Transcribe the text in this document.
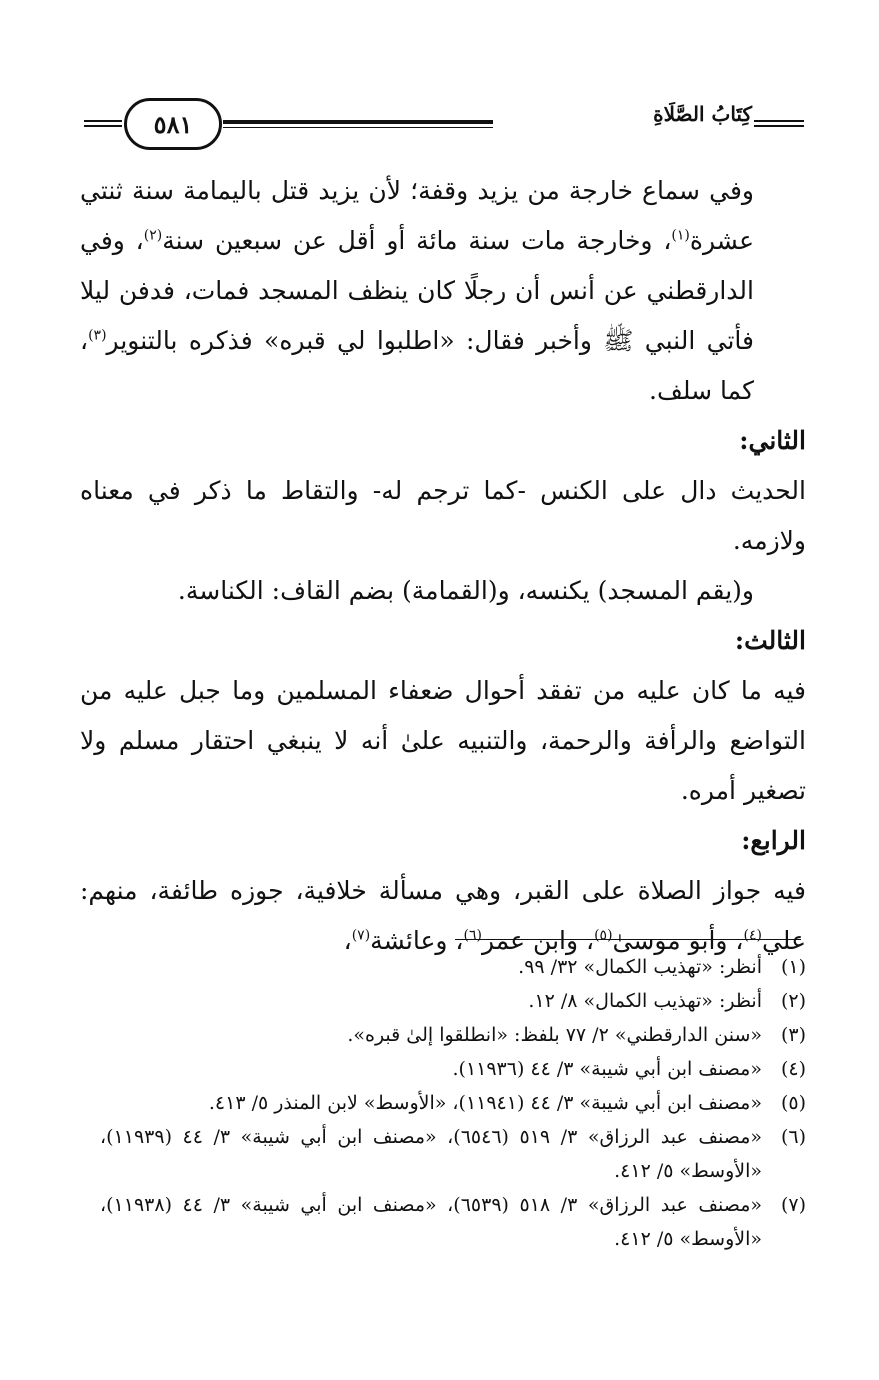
٥٨١	كِتَابُ الصَّلَاةِ

وفي سماع خارجة من يزيد وقفة؛ لأن يزيد قتل باليمامة سنة ثنتي عشرة$^{(١)}$، وخارجة مات سنة مائة أو أقل عن سبعين سنة$^{(٢)}$، وفي الدارقطني عن أنس أن رجلًا كان ينظف المسجد فمات، فدفن ليلا فأتي النبي ﷺ وأخبر فقال: «اطلبوا لي قبره» فذكره بالتنوير$^{(٣)}$، كما سلف.

الثاني:

الحديث دال على الكنس -كما ترجم له- والتقاط ما ذكر في معناه ولازمه.

و(يقم المسجد) يكنسه، و(القمامة) بضم القاف: الكناسة.

الثالث:

فيه ما كان عليه من تفقد أحوال ضعفاء المسلمين وما جبل عليه من التواضع والرأفة والرحمة، والتنبيه علىٰ أنه لا ينبغي احتقار مسلم ولا تصغير أمره.

الرابع:

فيه جواز الصلاة على القبر، وهي مسألة خلافية، جوزه طائفة، منهم: علي$^{(٤)}$، وأبو موسىٰ$^{(٥)}$، وابن عمر$^{(٦)}$، وعائشة$^{(٧)}$،

(١)
أنظر: «تهذيب الكمال» ٣٢/ ٩٩.
(٢)
أنظر: «تهذيب الكمال» ٨/ ١٢.
(٣)
«سنن الدارقطني» ٢/ ٧٧ بلفظ: «انطلقوا إلىٰ قبره».
(٤)
«مصنف ابن أبي شيبة» ٣/ ٤٤ (١١٩٣٦).
(٥)
«مصنف ابن أبي شيبة» ٣/ ٤٤ (١١٩٤١)، «الأوسط» لابن المنذر ٥/ ٤١٣.
(٦)
«مصنف عبد الرزاق» ٣/ ٥١٩ (٦٥٤٦)، «مصنف ابن أبي شيبة» ٣/ ٤٤ (١١٩٣٩)، «الأوسط» ٥/ ٤١٢.
(٧)
«مصنف عبد الرزاق» ٣/ ٥١٨ (٦٥٣٩)، «مصنف ابن أبي شيبة» ٣/ ٤٤ (١١٩٣٨)، «الأوسط» ٥/ ٤١٢.
